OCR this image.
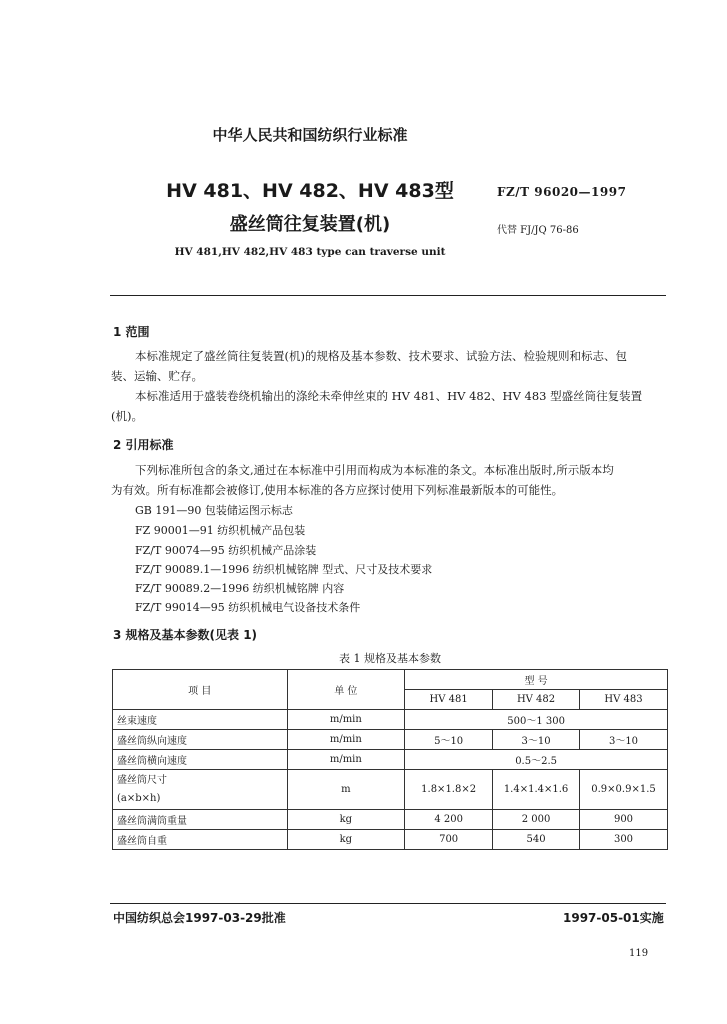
中华人民共和国纺织行业标准
HV 481、HV 482、HV 483型
盛丝筒往复装置(机)
HV 481,HV 482,HV 483 type can traverse unit
FZ/T 96020—1997
代替 FJ/JQ 76-86
1 范围
本标准规定了盛丝筒往复装置(机)的规格及基本参数、技术要求、试验方法、检验规则和标志、包
装、运输、贮存。
本标准适用于盛装卷绕机输出的涤纶未牵伸丝束的 HV 481、HV 482、HV 483 型盛丝筒往复装置
(机)。
2 引用标准
下列标准所包含的条文,通过在本标准中引用而构成为本标准的条文。本标准出版时,所示版本均
为有效。所有标准都会被修订,使用本标准的各方应探讨使用下列标准最新版本的可能性。
GB 191—90 包装储运图示标志
FZ 90001—91 纺织机械产品包装
FZ/T 90074—95 纺织机械产品涂装
FZ/T 90089.1—1996 纺织机械铭牌 型式、尺寸及技术要求
FZ/T 90089.2—1996 纺织机械铭牌 内容
FZ/T 99014—95 纺织机械电气设备技术条件
3 规格及基本参数(见表 1)
表 1 规格及基本参数
项 目	单 位	型 号		
		HV 481	HV 482	HV 483
丝束速度	m/min	500～1 300		
盛丝筒纵向速度	m/min	5～10	3～10	3～10
盛丝筒横向速度	m/min	0.5～2.5		
盛丝筒尺寸
(a×b×h)	m	1.8×1.8×2	1.4×1.4×1.6	0.9×0.9×1.5
盛丝筒满筒重量	kg	4 200	2 000	900
盛丝筒自重	kg	700	540	300
中国纺织总会1997-03-29批准	1997-05-01实施
119
